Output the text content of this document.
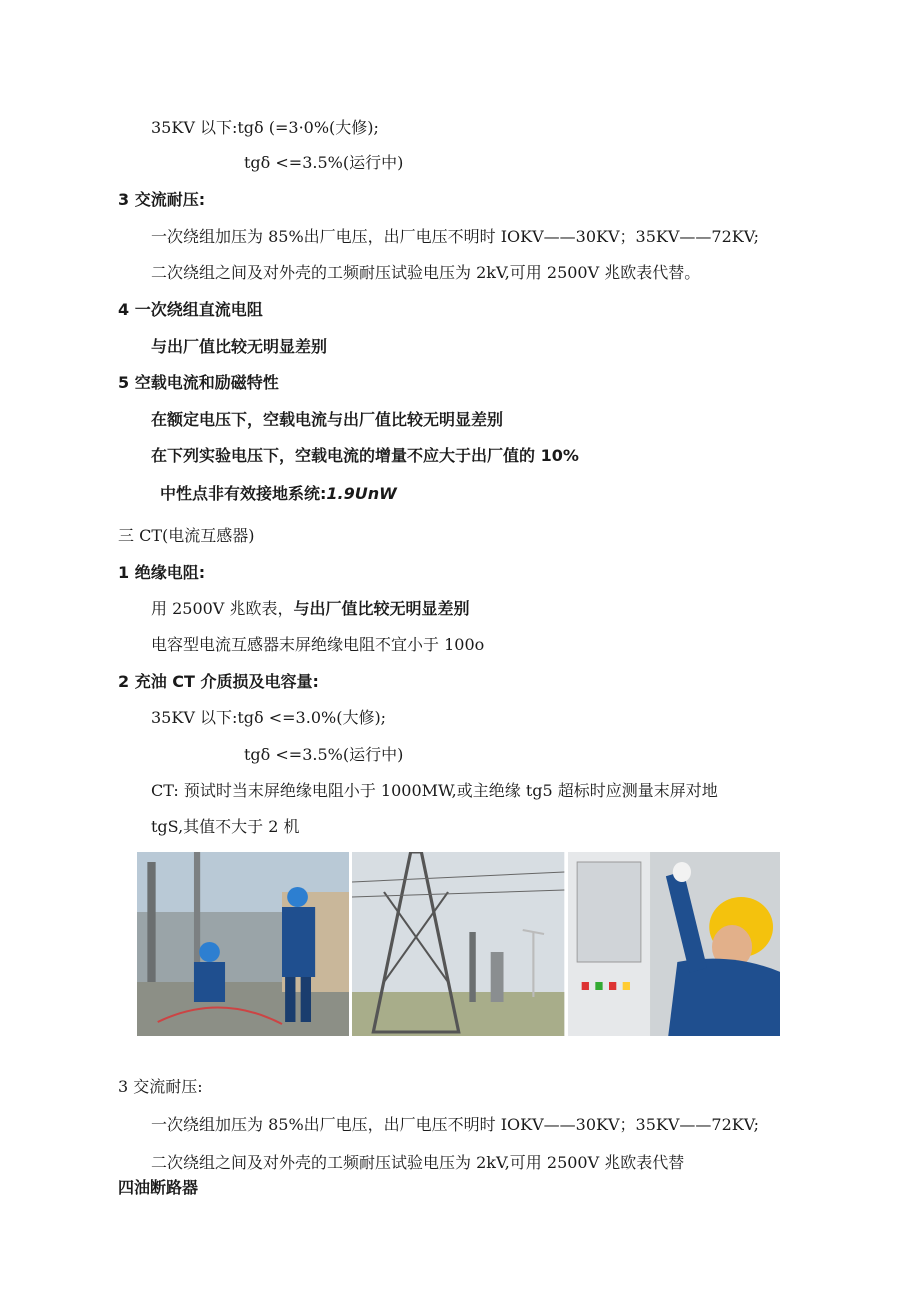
35KV 以下:tgδ (=3·0%(大修);
tgδ <=3.5%(运行中)
3 交流耐压:
一次绕组加压为 85%出厂电压，出厂电压不明时 IOKV——30KV；35KV——72KV;
二次绕组之间及对外壳的工频耐压试验电压为 2kV,可用 2500V 兆欧表代替。
4 一次绕组直流电阻
与出厂值比较无明显差别
5 空载电流和励磁特性
在额定电压下，空载电流与出厂值比较无明显差别
在下列实验电压下，空载电流的增量不应大于出厂值的 10%
中性点非有效接地系统:1.9UnW
三 CT(电流互感器)
1 绝缘电阻:
用 2500V 兆欧表，与出厂值比较无明显差别
电容型电流互感器末屏绝缘电阻不宜小于 100o
2 充油 CT 介质损及电容量:
35KV 以下:tgδ <=3.0%(大修);
tgδ <=3.5%(运行中)
CT: 预试时当末屏绝缘电阻小于 1000MW,或主绝缘 tg5 超标时应测量末屏对地
tgS,其值不大于 2 机
3 交流耐压:
一次绕组加压为 85%出厂电压，出厂电压不明时 IOKV——30KV；35KV——72KV;
二次绕组之间及对外壳的工频耐压试验电压为 2kV,可用 2500V 兆欧表代替
四油断路器
